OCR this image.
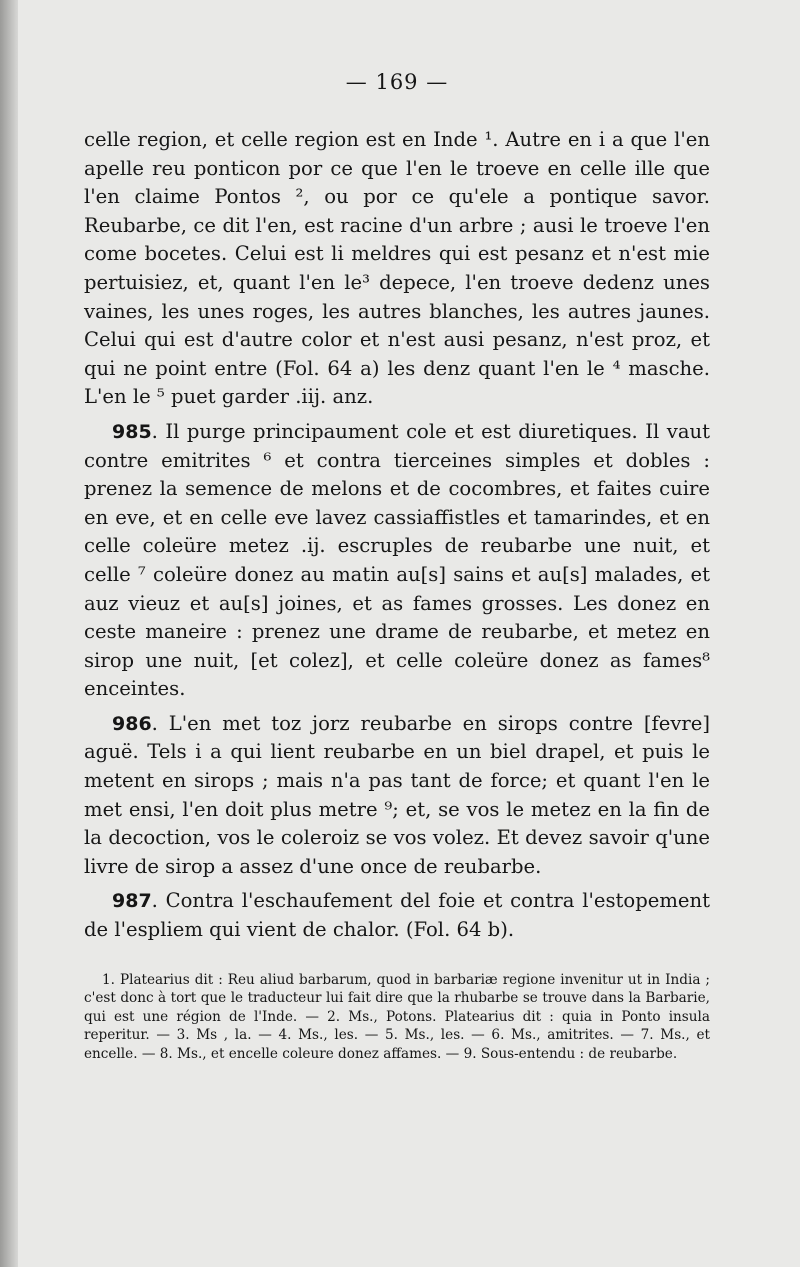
— 169 —

celle region, et celle region est en Inde ¹. Autre en i a que l'en apelle reu ponticon por ce que l'en le troeve en celle ille que l'en claime Pontos ², ou por ce qu'ele a pontique savor. Reubarbe, ce dit l'en, est racine d'un arbre ; ausi le troeve l'en come bocetes. Celui est li meldres qui est pesanz et n'est mie pertuisiez, et, quant l'en le³ depece, l'en troeve dedenz unes vaines, les unes roges, les autres blanches, les autres jaunes. Celui qui est d'autre color et n'est ausi pesanz, n'est proz, et qui ne point entre (Fol. 64 a) les denz quant l'en le ⁴ masche. L'en le ⁵ puet garder .iij. anz.

985. Il purge principaument cole et est diuretiques. Il vaut contre emitrites ⁶ et contra tierceines simples et dobles : prenez la semence de melons et de cocombres, et faites cuire en eve, et en celle eve lavez cassiaffistles et tamarindes, et en celle coleüre metez .ij. escruples de reubarbe une nuit, et celle ⁷ coleüre donez au matin au[s] sains et au[s] malades, et auz vieuz et au[s] joines, et as fames grosses. Les donez en ceste maneire : prenez une drame de reubarbe, et metez en sirop une nuit, [et colez], et celle coleüre donez as fames⁸ enceintes.

986. L'en met toz jorz reubarbe en sirops contre [fevre] aguë. Tels i a qui lient reubarbe en un biel drapel, et puis le metent en sirops ; mais n'a pas tant de force; et quant l'en le met ensi, l'en doit plus metre ⁹; et, se vos le metez en la fin de la decoction, vos le coleroiz se vos volez. Et devez savoir q'une livre de sirop a assez d'une once de reubarbe.

987. Contra l'eschaufement del foie et contra l'estopement de l'espliem qui vient de chalor. (Fol. 64 b).

1. Platearius dit : Reu aliud barbarum, quod in barbariæ regione invenitur ut in India ; c'est donc à tort que le traducteur lui fait dire que la rhubarbe se trouve dans la Barbarie, qui est une région de l'Inde. — 2. Ms., Potons. Platearius dit : quia in Ponto insula reperitur. — 3. Ms , la. — 4. Ms., les. — 5. Ms., les. — 6. Ms., amitrites. — 7. Ms., et encelle. — 8. Ms., et encelle coleure donez affames. — 9. Sous-entendu : de reubarbe.
